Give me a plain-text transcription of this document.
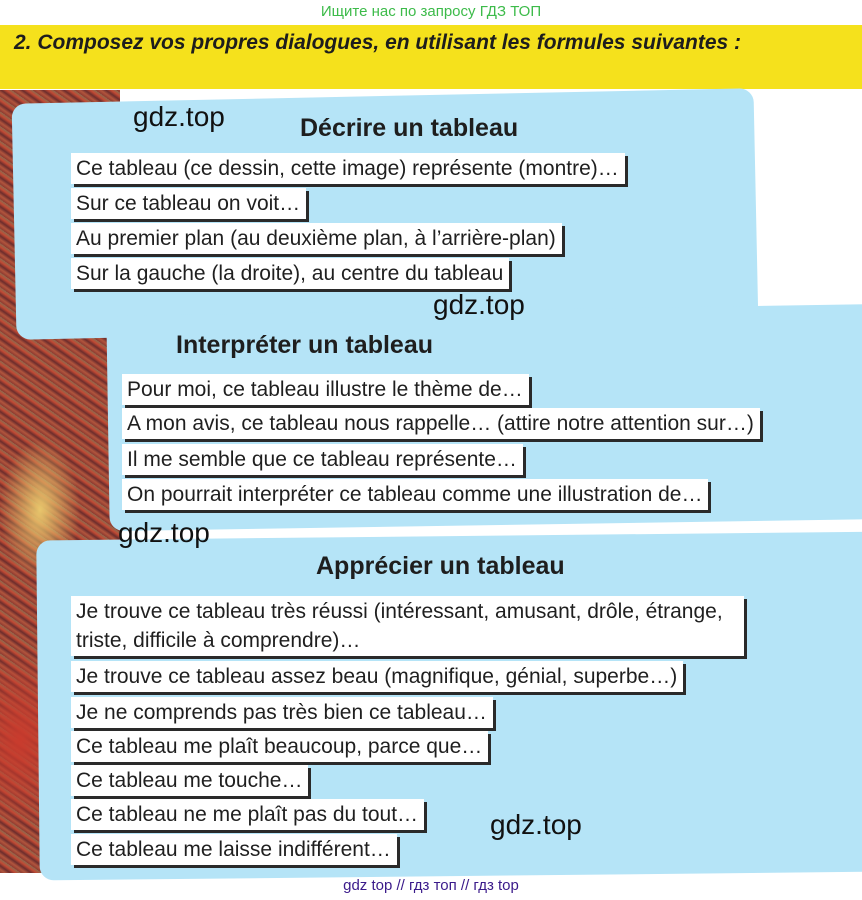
Ищите нас по запросу ГДЗ ТОП
2. Composez vos propres dialogues, en utilisant les formules suivantes :
Décrire un tableau
Ce tableau (ce dessin, cette image) représente (montre)…
Sur ce tableau on voit…
Au premier plan (au deuxième plan, à l’arrière-plan)
Sur la gauche (la droite), au centre du tableau
Interpréter un tableau
Pour moi, ce tableau illustre le thème de…
A mon avis, ce tableau nous rappelle… (attire notre attention sur…)
Il me semble que ce tableau représente…
On pourrait interpréter ce tableau comme une illustration de…
Apprécier un tableau
Je trouve ce tableau très réussi (intéressant, amusant, drôle, étrange, triste, difficile à comprendre)…
Je trouve ce tableau assez beau (magnifique, génial, superbe…)
Je ne comprends pas très bien ce tableau…
Ce tableau me plaît beaucoup, parce que…
Ce tableau me touche…
Ce tableau ne me plaît pas du tout…
Ce tableau me laisse indifférent…
gdz.top
gdz.top
gdz.top
gdz.top
gdz top // гдз топ // гдз top
